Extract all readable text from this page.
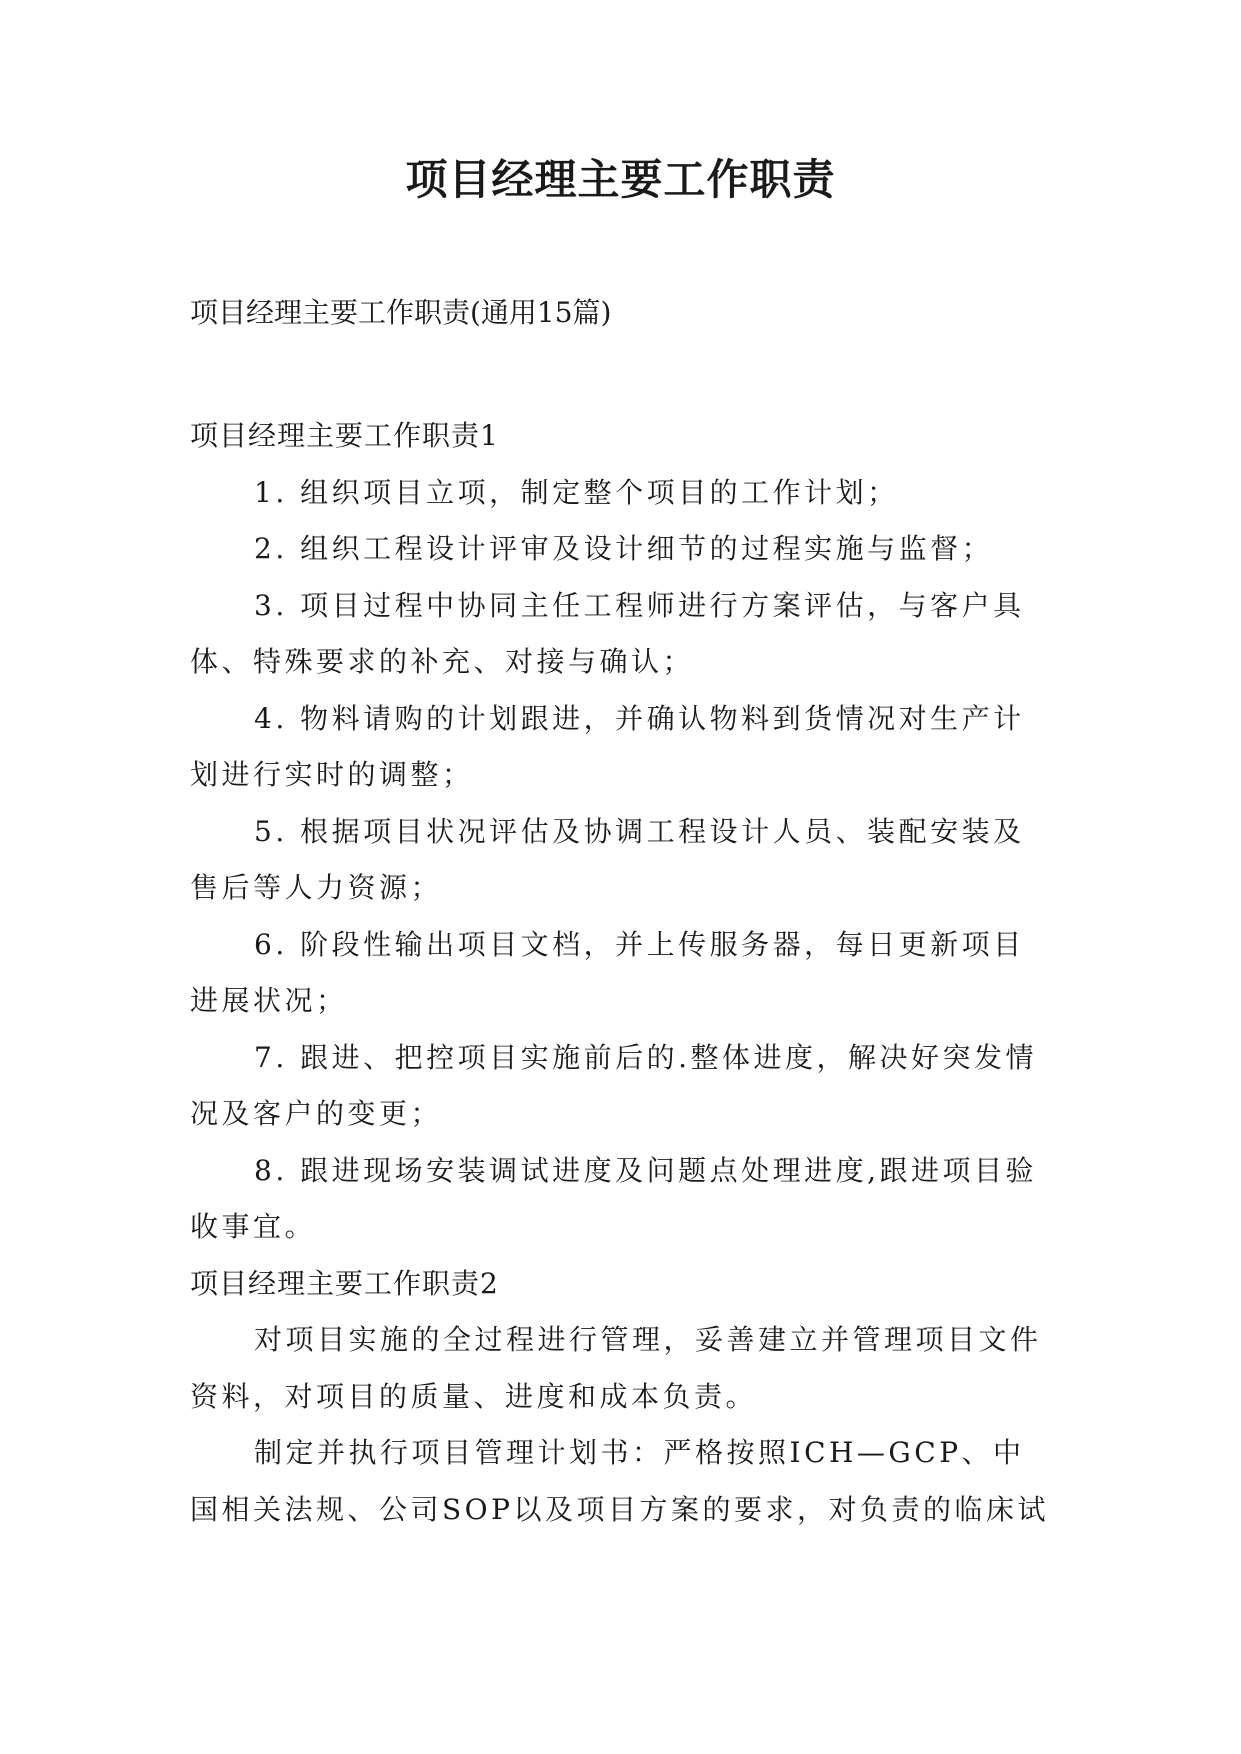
项目经理主要工作职责
项目经理主要工作职责(通用15篇)

项目经理主要工作职责1

1. 组织项目立项，制定整个项目的工作计划；

2. 组织工程设计评审及设计细节的过程实施与监督；

3. 项目过程中协同主任工程师进行方案评估，与客户具体、特殊要求的补充、对接与确认；

4. 物料请购的计划跟进，并确认物料到货情况对生产计划进行实时的调整；

5. 根据项目状况评估及协调工程设计人员、装配安装及售后等人力资源；

6. 阶段性输出项目文档，并上传服务器，每日更新项目进展状况；

7. 跟进、把控项目实施前后的.整体进度，解决好突发情况及客户的变更；

8. 跟进现场安装调试进度及问题点处理进度,跟进项目验收事宜。

项目经理主要工作职责2

对项目实施的全过程进行管理，妥善建立并管理项目文件资料，对项目的质量、进度和成本负责。

制定并执行项目管理计划书：严格按照ICH—GCP、中国相关法规、公司SOP以及项目方案的要求，对负责的临床试
